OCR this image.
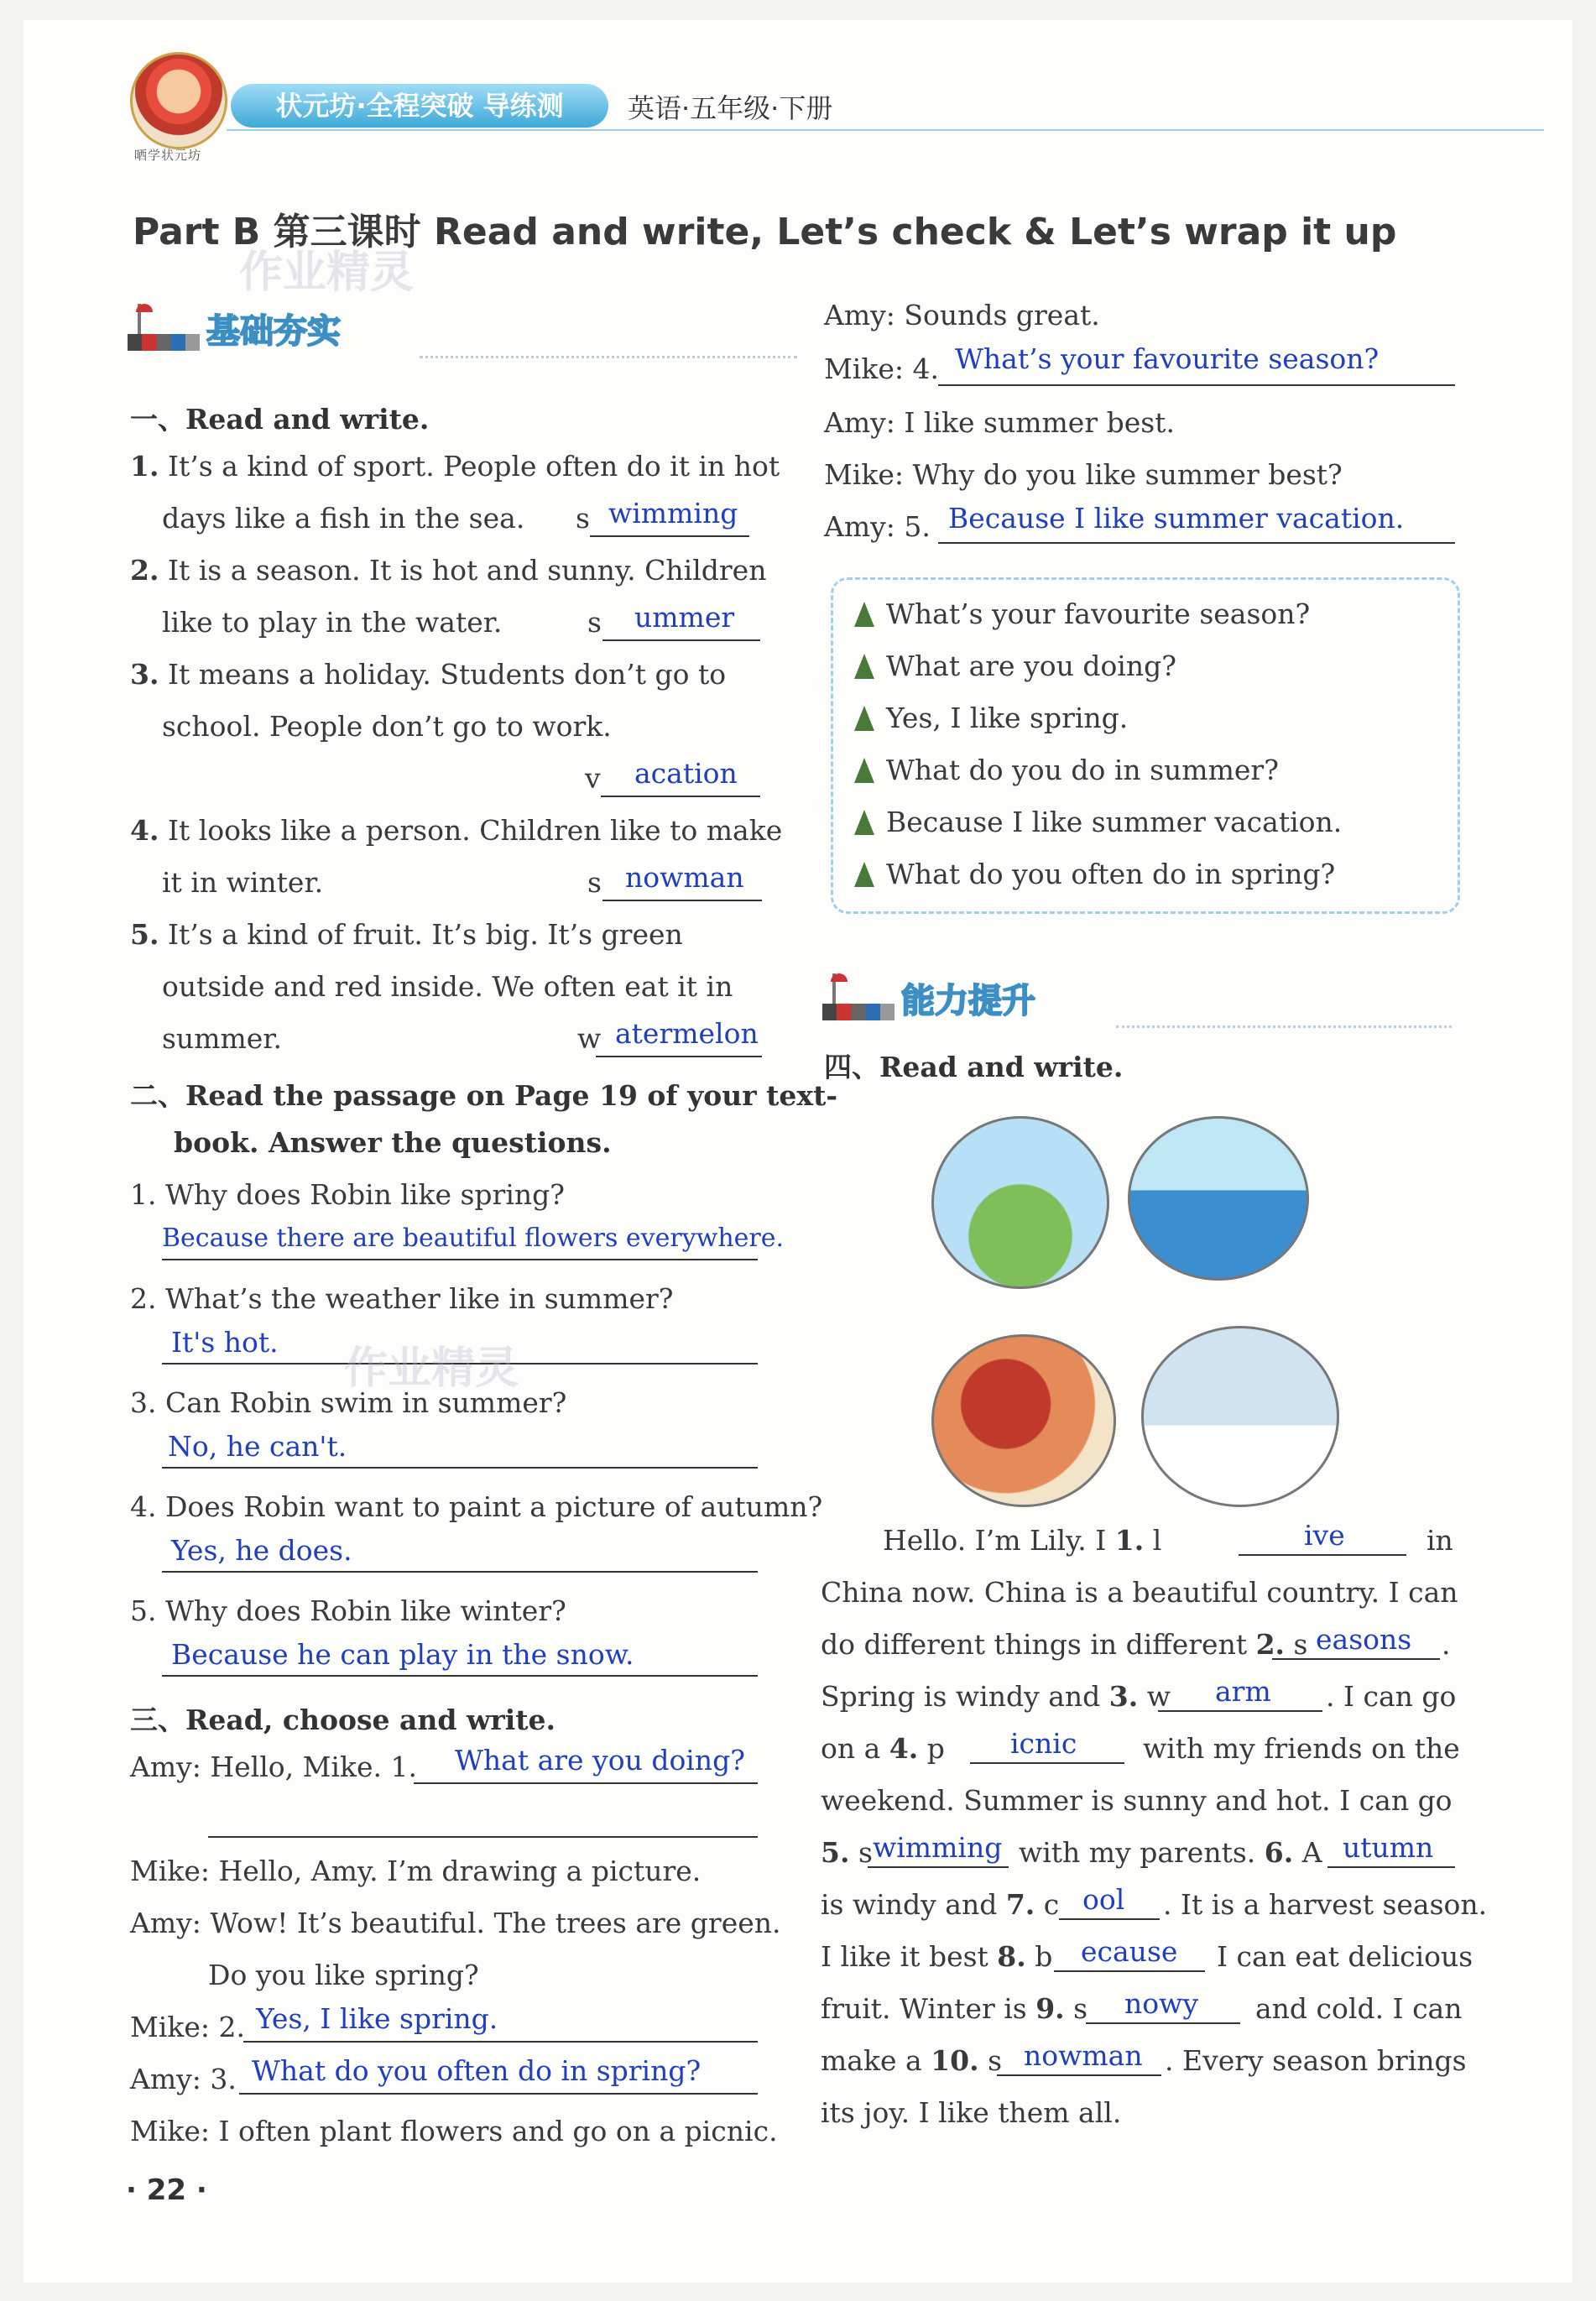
晒学状元坊
状元坊·全程突破 导练测	英语·五年级·下册
Part B 第三课时 Read and write, Let’s check & Let’s wrap it up
作业精灵
基础夯实
一、Read and write.
1. It’s a kind of sport. People often do it in hot
days like a fish in the sea. s wimming
2. It is a season. It is hot and sunny. Children
like to play in the water.	s ummer
3. It means a holiday. Students don’t go to
school. People don’t go to work.
v acation
4. It looks like a person. Children like to make
it in winter.	s nowman
5. It’s a kind of fruit. It’s big. It’s green
outside and red inside. We often eat it in
summer.	w atermelon
二、Read the passage on Page 19 of your text-
book. Answer the questions.
1. Why does Robin like spring?
Because there are beautiful flowers everywhere.
2. What’s the weather like in summer?
It's hot.
作业精灵
3. Can Robin swim in summer?
No, he can't.
4. Does Robin want to paint a picture of autumn?
Yes, he does.
5. Why does Robin like winter?
Because he can play in the snow.
三、Read, choose and write.
Amy: Hello, Mike. 1. What are you doing?
Mike: Hello, Amy. I’m drawing a picture.
Amy: Wow! It’s beautiful. The trees are green.
Do you like spring?
Mike: 2. Yes, I like spring.
Amy: 3. What do you often do in spring?
Mike: I often plant flowers and go on a picnic.
Amy: Sounds great.
Mike: 4. What’s your favourite season?
Amy: I like summer best.
Mike: Why do you like summer best?
Amy: 5. Because I like summer vacation.
What’s your favourite season?
What are you doing?
Yes, I like spring.
What do you do in summer?
Because I like summer vacation.
What do you often do in spring?
能力提升
四、Read and write.
Hello. I’m Lily. I 1. l	ive	in
China now. China is a beautiful country. I can
do different things in different 2. s easons .
Spring is windy and 3. w arm . I can go
on a 4. p icnic with my friends on the
weekend. Summer is sunny and hot. I can go
5. s wimming with my parents. 6. A utumn
is windy and 7. c ool . It is a harvest season.
I like it best 8. b ecause I can eat delicious
fruit. Winter is 9. s nowy and cold. I can
make a 10. s nowman . Every season brings
its joy. I like them all.
· 22 ·
